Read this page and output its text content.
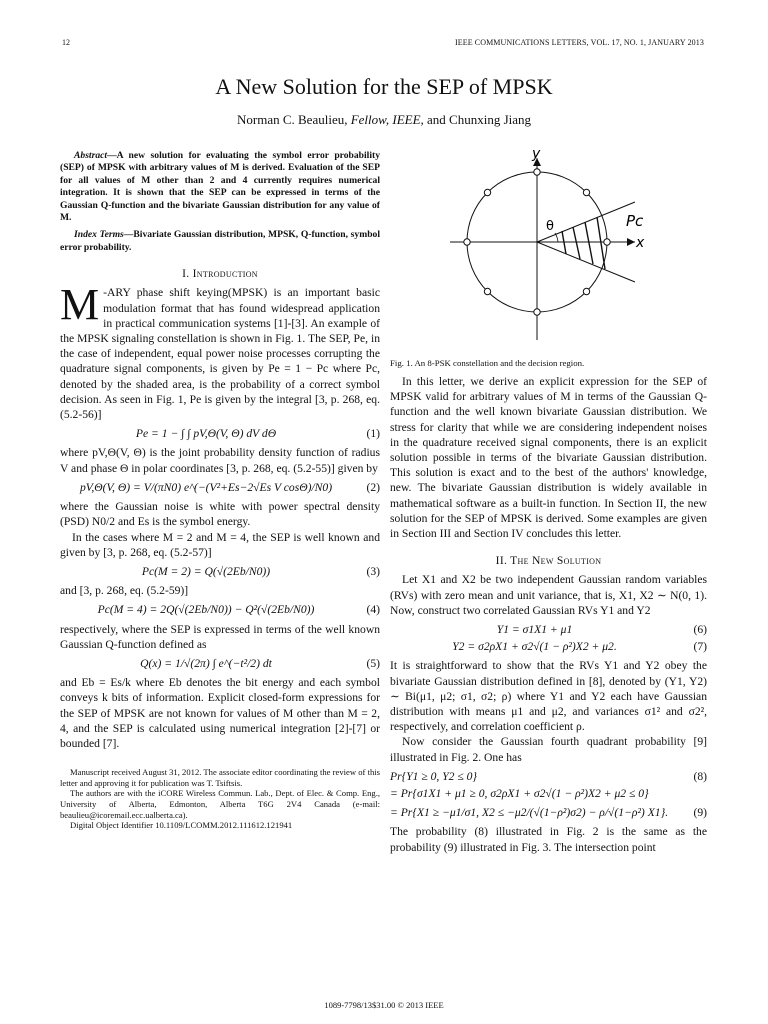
12	IEEE COMMUNICATIONS LETTERS, VOL. 17, NO. 1, JANUARY 2013
A New Solution for the SEP of MPSK
Norman C. Beaulieu, Fellow, IEEE, and Chunxing Jiang
Abstract—A new solution for evaluating the symbol error probability (SEP) of MPSK with arbitrary values of M is derived. Evaluation of the SEP for all values of M other than 2 and 4 currently requires numerical integration. It is shown that the SEP can be expressed in terms of the Gaussian Q-function and the bivariate Gaussian distribution for any value of M.
Index Terms—Bivariate Gaussian distribution, MPSK, Q-function, symbol error probability.
I. Introduction

M -ARY phase shift keying(MPSK) is an important basic modulation format that has found widespread application in practical communication systems [1]-[3]. An example of the MPSK signaling constellation is shown in Fig. 1. The SEP, Pe, in the case of independent, equal power noise processes corrupting the quadrature signal components, is given by Pe = 1 − Pc where Pc, denoted by the shaded area, is the probability of a correct symbol decision. As seen in Fig. 1, Pe is given by the integral [3, p. 268, eq. (5.2-56)]

Pe = 1 − ∫ ∫ pV,Θ(V, Θ) dV dΘ	(1)

where pV,Θ(V, Θ) is the joint probability density function of radius V and phase Θ in polar coordinates [3, p. 268, eq. (5.2-55)] given by

pV,Θ(V, Θ) = V/(πN0) e^(−(V²+Es−2√Es V cosΘ)/N0)	(2)

where the Gaussian noise is white with power spectral density (PSD) N0/2 and Es is the symbol energy.

In the cases where M = 2 and M = 4, the SEP is well known and given by [3, p. 268, eq. (5.2-57)]

Pc(M = 2) = Q(√(2Eb/N0))	(3)

and [3, p. 268, eq. (5.2-59)]

Pc(M = 4) = 2Q(√(2Eb/N0)) − Q²(√(2Eb/N0))	(4)

respectively, where the SEP is expressed in terms of the well known Gaussian Q-function defined as

Q(x) = 1/√(2π) ∫ e^(−t²/2) dt	(5)

and Eb = Es/k where Eb denotes the bit energy and each symbol conveys k bits of information. Explicit closed-form expressions for the SEP of MPSK are not known for values of M other than M = 2, 4, and the SEP is calculated using numerical integration [2]-[7] or bounded [7].

Manuscript received August 31, 2012. The associate editor coordinating the review of this letter and approving it for publication was T. Tsiftsis.

The authors are with the iCORE Wireless Commun. Lab., Dept. of Elec. & Comp. Eng., University of Alberta, Edmonton, Alberta T6G 2V4 Canada (e-mail: beaulieu@icoremail.ecc.ualberta.ca).

Digital Object Identifier 10.1109/LCOMM.2012.111612.121941

θ
y
x
Pc
Fig. 1. An 8-PSK constellation and the decision region.

In this letter, we derive an explicit expression for the SEP of MPSK valid for arbitrary values of M in terms of the Gaussian Q-function and the well known bivariate Gaussian distribution. We stress for clarity that while we are considering independent noises in the quadrature received signal components, there is an explicit solution possible in terms of the bivariate Gaussian distribution. This solution is exact and to the best of the authors' knowledge, new. The bivariate Gaussian distribution is widely available in mathematical software as a built-in function. In Section II, the new solution for the SEP of MPSK is derived. Some examples are given in Section III and Section IV concludes this letter.

II. The New Solution

Let X1 and X2 be two independent Gaussian random variables (RVs) with zero mean and unit variance, that is, X1, X2 ∼ N(0, 1). Now, construct two correlated Gaussian RVs Y1 and Y2

Y1 = σ1X1 + μ1	(6)
Y2 = σ2ρX1 + σ2√(1 − ρ²)X2 + μ2.	(7)

It is straightforward to show that the RVs Y1 and Y2 obey the bivariate Gaussian distribution defined in [8], denoted by (Y1, Y2) ∼ Bi(μ1, μ2; σ1, σ2; ρ) where Y1 and Y2 each have Gaussian distribution with means μ1 and μ2, and variances σ1² and σ2², respectively, and correlation coefficient ρ.

Now consider the Gaussian fourth quadrant probability [9] illustrated in Fig. 2. One has

Pr{Y1 ≥ 0, Y2 ≤ 0}	(8)
= Pr{σ1X1 + μ1 ≥ 0, σ2ρX1 + σ2√(1 − ρ²)X2 + μ2 ≤ 0}
= Pr{X1 ≥ −μ1/σ1, X2 ≤ −μ2/(√(1−ρ²)σ2) − ρ/√(1−ρ²) X1}.	(9)

The probability (8) illustrated in Fig. 2 is the same as the probability (9) illustrated in Fig. 3. The intersection point

1089-7798/13$31.00 © 2013 IEEE
